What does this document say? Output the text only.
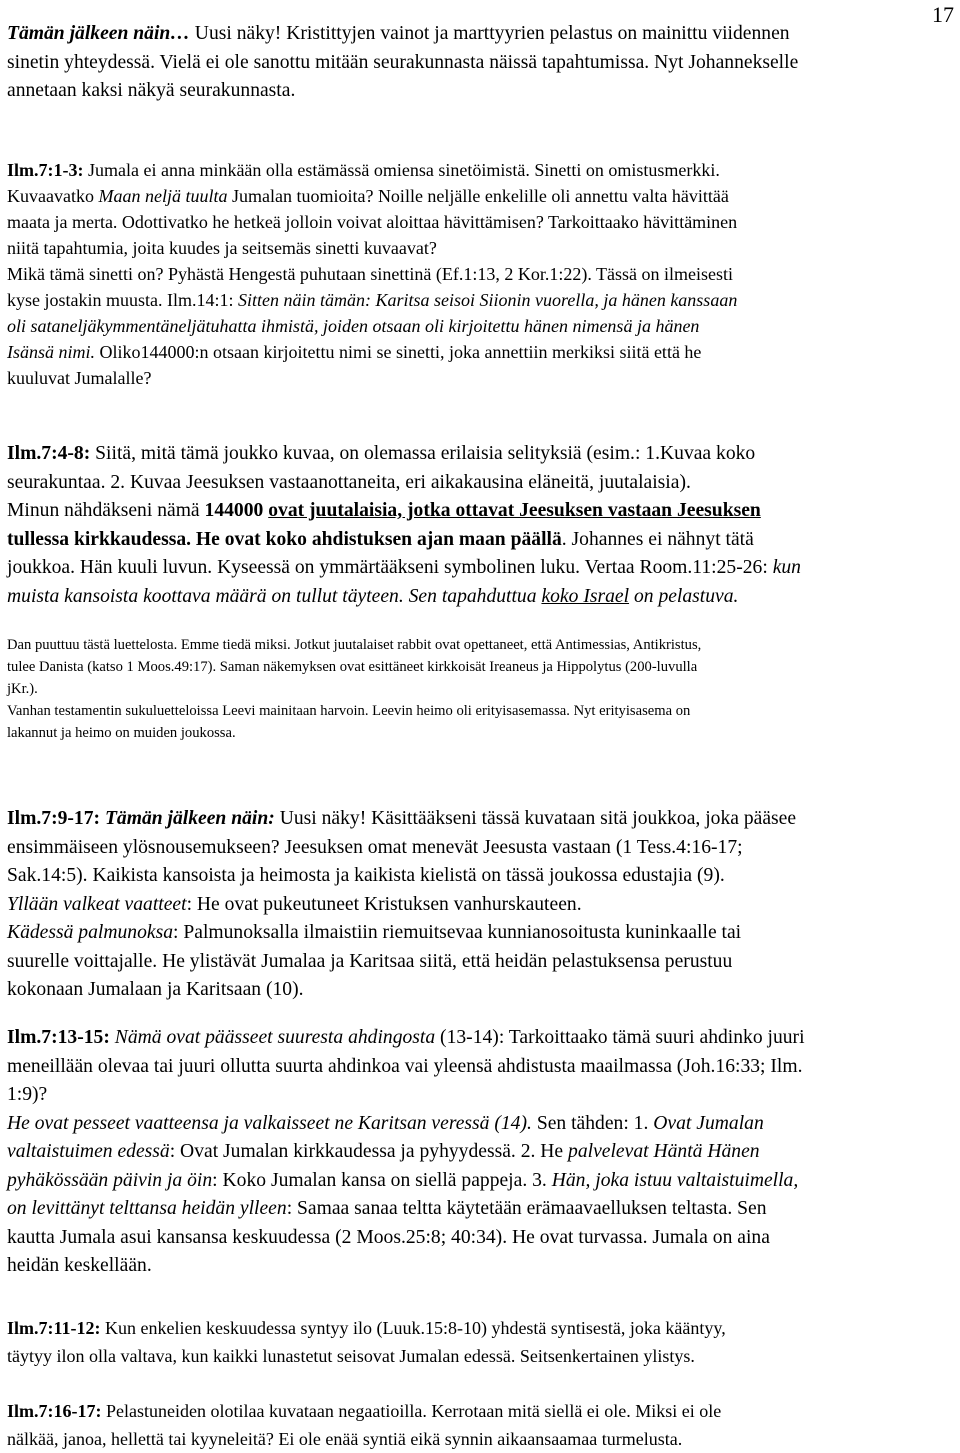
17
Tämän jälkeen näin… Uusi näky! Kristittyjen vainot ja marttyyrien pelastus on mainittu viidennen
sinetin yhteydessä. Vielä ei ole sanottu mitään seurakunnasta näissä tapahtumissa. Nyt Johannekselle
annetaan kaksi näkyä seurakunnasta.
Ilm.7:1-3: Jumala ei anna minkään olla estämässä omiensa sinetöimistä. Sinetti on omistusmerkki.
Kuvaavatko Maan neljä tuulta Jumalan tuomioita? Noille neljälle enkelille oli annettu valta hävittää
maata ja merta. Odottivatko he hetkeä jolloin voivat aloittaa hävittämisen? Tarkoittaako hävittäminen
niitä tapahtumia, joita kuudes ja seitsemäs sinetti kuvaavat?
Mikä tämä sinetti on? Pyhästä Hengestä puhutaan sinettinä (Ef.1:13, 2 Kor.1:22). Tässä on ilmeisesti
kyse jostakin muusta. Ilm.14:1: Sitten näin tämän: Karitsa seisoi Siionin vuorella, ja hänen kanssaan
oli sataneljäkymmentäneljätuhatta ihmistä, joiden otsaan oli kirjoitettu hänen nimensä ja hänen
Isänsä nimi. Oliko144000:n otsaan kirjoitettu nimi se sinetti, joka annettiin merkiksi siitä että he
kuuluvat Jumalalle?
Ilm.7:4-8: Siitä, mitä tämä joukko kuvaa, on olemassa erilaisia selityksiä (esim.: 1.Kuvaa koko
seurakuntaa. 2. Kuvaa Jeesuksen vastaanottaneita, eri aikakausina eläneitä, juutalaisia).
Minun nähdäkseni nämä 144000 ovat juutalaisia, jotka ottavat Jeesuksen vastaan Jeesuksen
tullessa kirkkaudessa. He ovat koko ahdistuksen ajan maan päällä. Johannes ei nähnyt tätä
joukkoa. Hän kuuli luvun. Kyseessä on ymmärtääkseni symbolinen luku. Vertaa Room.11:25-26: kun
muista kansoista koottava määrä on tullut täyteen. Sen tapahduttua koko Israel on pelastuva.
Dan puuttuu tästä luettelosta. Emme tiedä miksi. Jotkut juutalaiset rabbit ovat opettaneet, että Antimessias, Antikristus,
tulee Danista (katso 1 Moos.49:17). Saman näkemyksen ovat esittäneet kirkkoisät Ireaneus ja Hippolytus (200-luvulla
jKr.).
Vanhan testamentin sukuluetteloissa Leevi mainitaan harvoin. Leevin heimo oli erityisasemassa. Nyt erityisasema on
lakannut ja heimo on muiden joukossa.
Ilm.7:9-17: Tämän jälkeen näin: Uusi näky! Käsittääkseni tässä kuvataan sitä joukkoa, joka pääsee
ensimmäiseen ylösnousemukseen? Jeesuksen omat menevät Jeesusta vastaan (1 Tess.4:16-17;
Sak.14:5). Kaikista kansoista ja heimosta ja kaikista kielistä on tässä joukossa edustajia (9).
Yllään valkeat vaatteet: He ovat pukeutuneet Kristuksen vanhurskauteen.
Kädessä palmunoksa: Palmunoksalla ilmaistiin riemuitsevaa kunnianosoitusta kuninkaalle tai
suurelle voittajalle. He ylistävät Jumalaa ja Karitsaa siitä, että heidän pelastuksensa perustuu
kokonaan Jumalaan ja Karitsaan (10).
Ilm.7:13-15: Nämä ovat päässeet suuresta ahdingosta (13-14): Tarkoittaako tämä suuri ahdinko juuri
meneillään olevaa tai juuri ollutta suurta ahdinkoa vai yleensä ahdistusta maailmassa (Joh.16:33; Ilm.
1:9)?
He ovat pesseet vaatteensa ja valkaisseet ne Karitsan veressä (14). Sen tähden: 1. Ovat Jumalan
valtaistuimen edessä: Ovat Jumalan kirkkaudessa ja pyhyydessä. 2. He palvelevat Häntä Hänen
pyhäkössään päivin ja öin: Koko Jumalan kansa on siellä pappeja. 3. Hän, joka istuu valtaistuimella,
on levittänyt telttansa heidän ylleen: Samaa sanaa teltta käytetään erämaavaelluksen teltasta. Sen
kautta Jumala asui kansansa keskuudessa (2 Moos.25:8; 40:34). He ovat turvassa. Jumala on aina
heidän keskellään.
Ilm.7:11-12: Kun enkelien keskuudessa syntyy ilo (Luuk.15:8-10) yhdestä syntisestä, joka kääntyy,
täytyy ilon olla valtava, kun kaikki lunastetut seisovat Jumalan edessä. Seitsenkertainen ylistys.
Ilm.7:16-17: Pelastuneiden olotilaa kuvataan negaatioilla. Kerrotaan mitä siellä ei ole. Miksi ei ole
nälkää, janoa, hellettä tai kyyneleitä? Ei ole enää syntiä eikä synnin aikaansaamaa turmelusta.
